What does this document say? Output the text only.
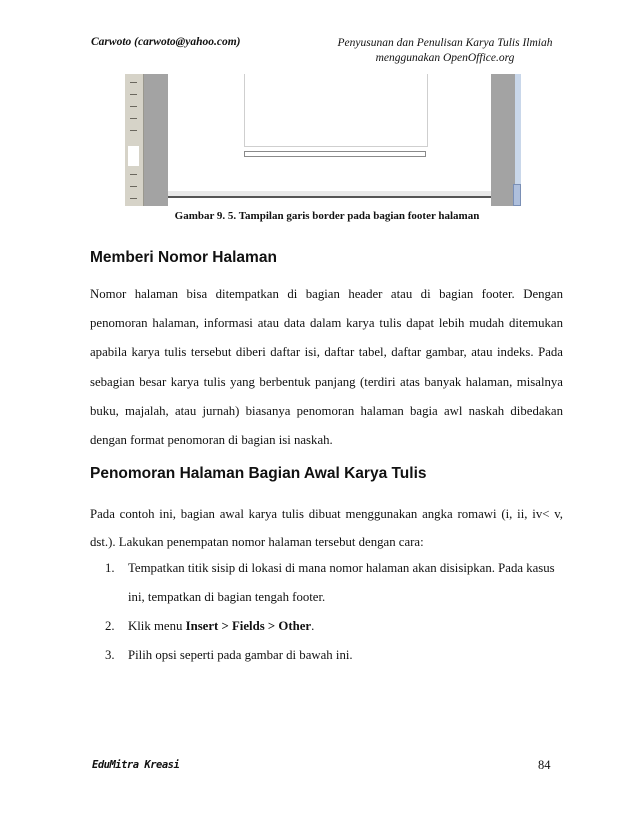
Carwoto (carwoto@yahoo.com)	Penyusunan dan Penulisan Karya Tulis Ilmiah
menggunakan OpenOffice.org
Gambar 9. 5. Tampilan garis border pada bagian footer halaman
Memberi Nomor Halaman

Nomor halaman bisa ditempatkan di bagian header atau di bagian footer. Dengan penomoran halaman, informasi atau data dalam karya tulis dapat lebih mudah ditemukan apabila karya tulis tersebut diberi daftar isi, daftar tabel, daftar gambar, atau indeks. Pada sebagian besar karya tulis yang berbentuk panjang (terdiri atas banyak halaman, misalnya buku, majalah, atau jurnah) biasanya penomoran halaman bagia awl naskah dibedakan dengan format penomoran di bagian isi naskah.

Penomoran Halaman Bagian Awal Karya Tulis

Pada contoh ini, bagian awal karya tulis dibuat menggunakan angka romawi (i, ii, iv< v, dst.). Lakukan penempatan nomor halaman tersebut dengan cara:

1. Tempatkan titik sisip di lokasi di mana nomor halaman akan disisipkan. Pada kasus ini, tempatkan di bagian tengah footer.
2. Klik menu Insert > Fields > Other.
3. Pilih opsi seperti pada gambar di bawah ini.
EduMitra Kreasi	84
